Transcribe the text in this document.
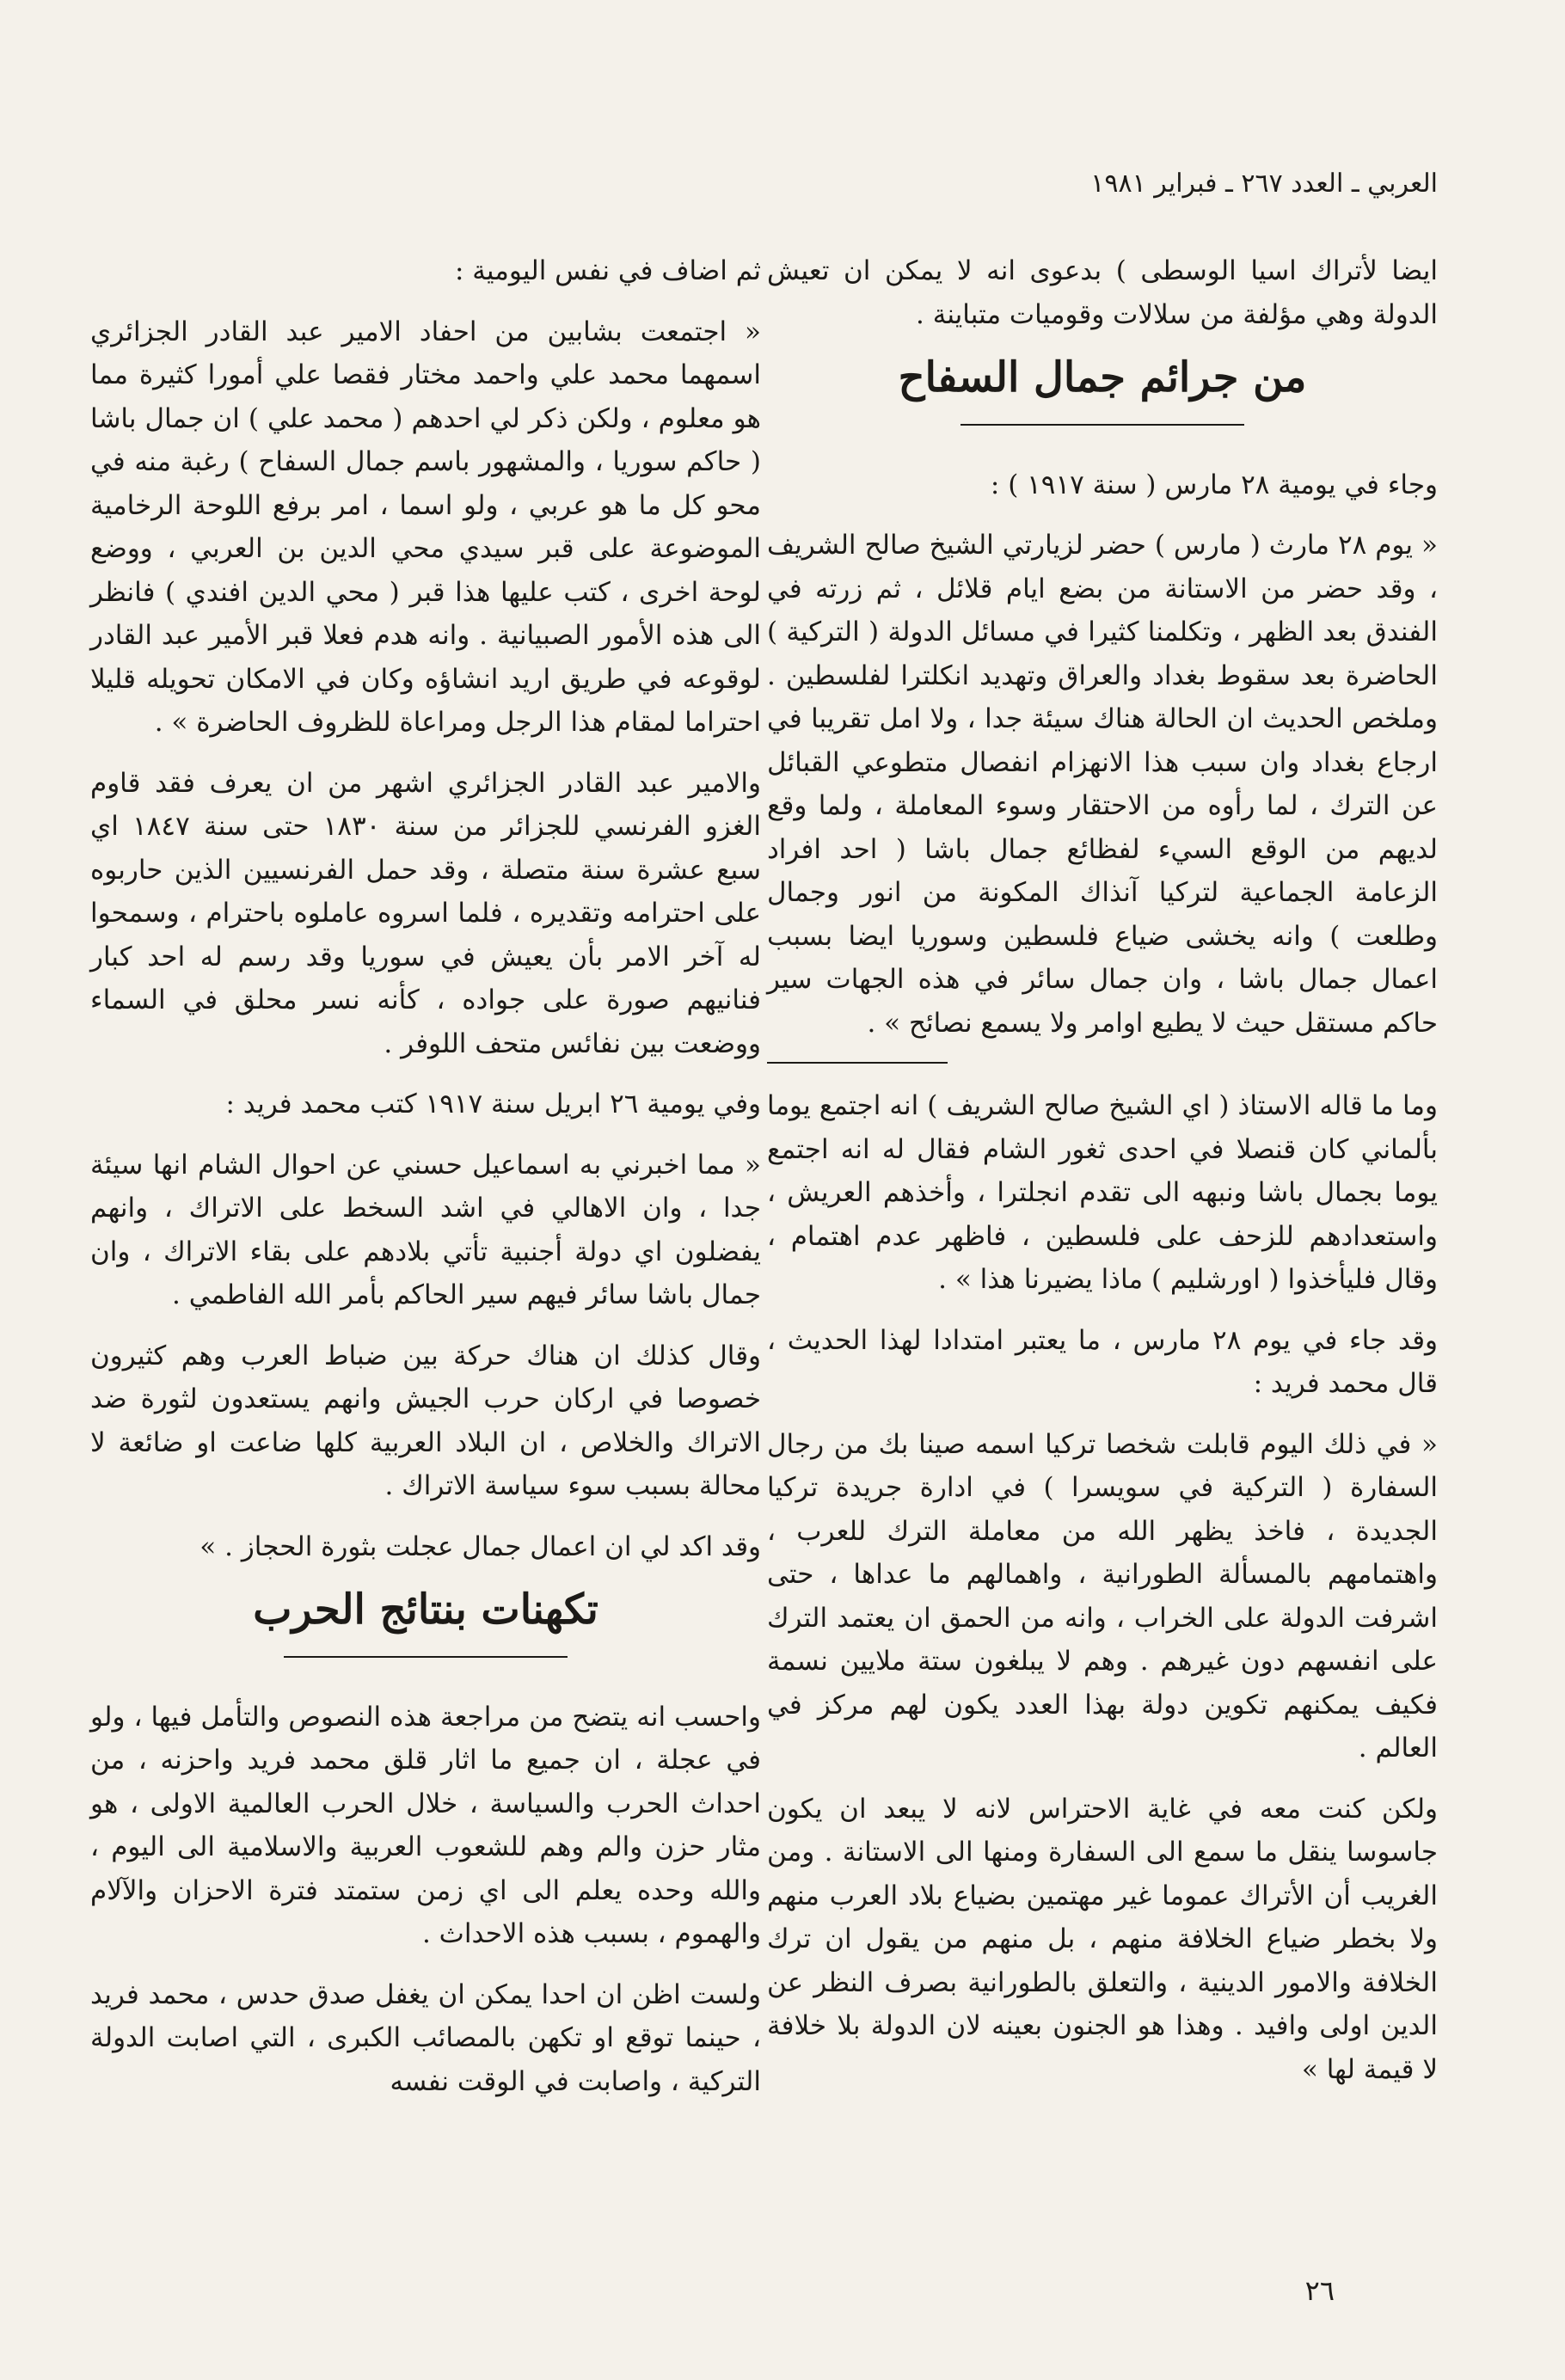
العربي ـ العدد ٢٦٧ ـ فبراير ١٩٨١

ايضا لأتراك اسيا الوسطى ) بدعوى انه لا يمكن ان تعيش الدولة وهي مؤلفة من سلالات وقوميات متباينة .

من جرائم جمال السفاح

وجاء في يومية ٢٨ مارس ( سنة ١٩١٧ ) :

« يوم ٢٨ مارث ( مارس ) حضر لزيارتي الشيخ صالح الشريف ، وقد حضر من الاستانة من بضع ايام قلائل ، ثم زرته في الفندق بعد الظهر ، وتكلمنا كثيرا في مسائل الدولة ( التركية ) الحاضرة بعد سقوط بغداد والعراق وتهديد انكلترا لفلسطين . وملخص الحديث ان الحالة هناك سيئة جدا ، ولا امل تقريبا في ارجاع بغداد وان سبب هذا الانهزام انفصال متطوعي القبائل عن الترك ، لما رأوه من الاحتقار وسوء المعاملة ، ولما وقع لديهم من الوقع السيء لفظائع جمال باشا ( احد افراد الزعامة الجماعية لتركيا آنذاك المكونة من انور وجمال وطلعت ) وانه يخشى ضياع فلسطين وسوريا ايضا بسبب اعمال جمال باشا ، وان جمال سائر في هذه الجهات سير حاكم مستقل حيث لا يطيع اوامر ولا يسمع نصائح » .

وما ما قاله الاستاذ ( اي الشيخ صالح الشريف ) انه اجتمع يوما بألماني كان قنصلا في احدى ثغور الشام فقال له انه اجتمع يوما بجمال باشا ونبهه الى تقدم انجلترا ، وأخذهم العريش ، واستعدادهم للزحف على فلسطين ، فاظهر عدم اهتمام ، وقال فليأخذوا ( اورشليم ) ماذا يضيرنا هذا » .

وقد جاء في يوم ٢٨ مارس ، ما يعتبر امتدادا لهذا الحديث ، قال محمد فريد :

« في ذلك اليوم قابلت شخصا تركيا اسمه صينا بك من رجال السفارة ( التركية في سويسرا ) في ادارة جريدة تركيا الجديدة ، فاخذ يظهر الله من معاملة الترك للعرب ، واهتمامهم بالمسألة الطورانية ، واهمالهم ما عداها ، حتى اشرفت الدولة على الخراب ، وانه من الحمق ان يعتمد الترك على انفسهم دون غيرهم . وهم لا يبلغون ستة ملايين نسمة فكيف يمكنهم تكوين دولة بهذا العدد يكون لهم مركز في العالم .

ولكن كنت معه في غاية الاحتراس لانه لا يبعد ان يكون جاسوسا ينقل ما سمع الى السفارة ومنها الى الاستانة . ومن الغريب أن الأتراك عموما غير مهتمين بضياع بلاد العرب منهم ولا بخطر ضياع الخلافة منهم ، بل منهم من يقول ان ترك الخلافة والامور الدينية ، والتعلق بالطورانية بصرف النظر عن الدين اولى وافيد . وهذا هو الجنون بعينه لان الدولة بلا خلافة لا قيمة لها »

ثم اضاف في نفس اليومية :

« اجتمعت بشابين من احفاد الامير عبد القادر الجزائري اسمهما محمد علي واحمد مختار فقصا علي أمورا كثيرة مما هو معلوم ، ولكن ذكر لي احدهم ( محمد علي ) ان جمال باشا ( حاكم سوريا ، والمشهور باسم جمال السفاح ) رغبة منه في محو كل ما هو عربي ، ولو اسما ، امر برفع اللوحة الرخامية الموضوعة على قبر سيدي محي الدين بن العربي ، ووضع لوحة اخرى ، كتب عليها هذا قبر ( محي الدين افندي ) فانظر الى هذه الأمور الصبيانية . وانه هدم فعلا قبر الأمير عبد القادر لوقوعه في طريق اريد انشاؤه وكان في الامكان تحويله قليلا احتراما لمقام هذا الرجل ومراعاة للظروف الحاضرة » .

والامير عبد القادر الجزائري اشهر من ان يعرف فقد قاوم الغزو الفرنسي للجزائر من سنة ١٨٣٠ حتى سنة ١٨٤٧ اي سبع عشرة سنة متصلة ، وقد حمل الفرنسيين الذين حاربوه على احترامه وتقديره ، فلما اسروه عاملوه باحترام ، وسمحوا له آخر الامر بأن يعيش في سوريا وقد رسم له احد كبار فنانيهم صورة على جواده ، كأنه نسر محلق في السماء ووضعت بين نفائس متحف اللوفر .

وفي يومية ٢٦ ابريل سنة ١٩١٧ كتب محمد فريد :

« مما اخبرني به اسماعيل حسني عن احوال الشام انها سيئة جدا ، وان الاهالي في اشد السخط على الاتراك ، وانهم يفضلون اي دولة أجنبية تأتي بلادهم على بقاء الاتراك ، وان جمال باشا سائر فيهم سير الحاكم بأمر الله الفاطمي .

وقال كذلك ان هناك حركة بين ضباط العرب وهم كثيرون خصوصا في اركان حرب الجيش وانهم يستعدون لثورة ضد الاتراك والخلاص ، ان البلاد العربية كلها ضاعت او ضائعة لا محالة بسبب سوء سياسة الاتراك .

وقد اكد لي ان اعمال جمال عجلت بثورة الحجاز . »

تكهنات بنتائج الحرب

واحسب انه يتضح من مراجعة هذه النصوص والتأمل فيها ، ولو في عجلة ، ان جميع ما اثار قلق محمد فريد واحزنه ، من احداث الحرب والسياسة ، خلال الحرب العالمية الاولى ، هو مثار حزن والم وهم للشعوب العربية والاسلامية الى اليوم ، والله وحده يعلم الى اي زمن ستمتد فترة الاحزان والآلام والهموم ، بسبب هذه الاحداث .

ولست اظن ان احدا يمكن ان يغفل صدق حدس ، محمد فريد ، حينما توقع او تكهن بالمصائب الكبرى ، التي اصابت الدولة التركية ، واصابت في الوقت نفسه

٢٦
